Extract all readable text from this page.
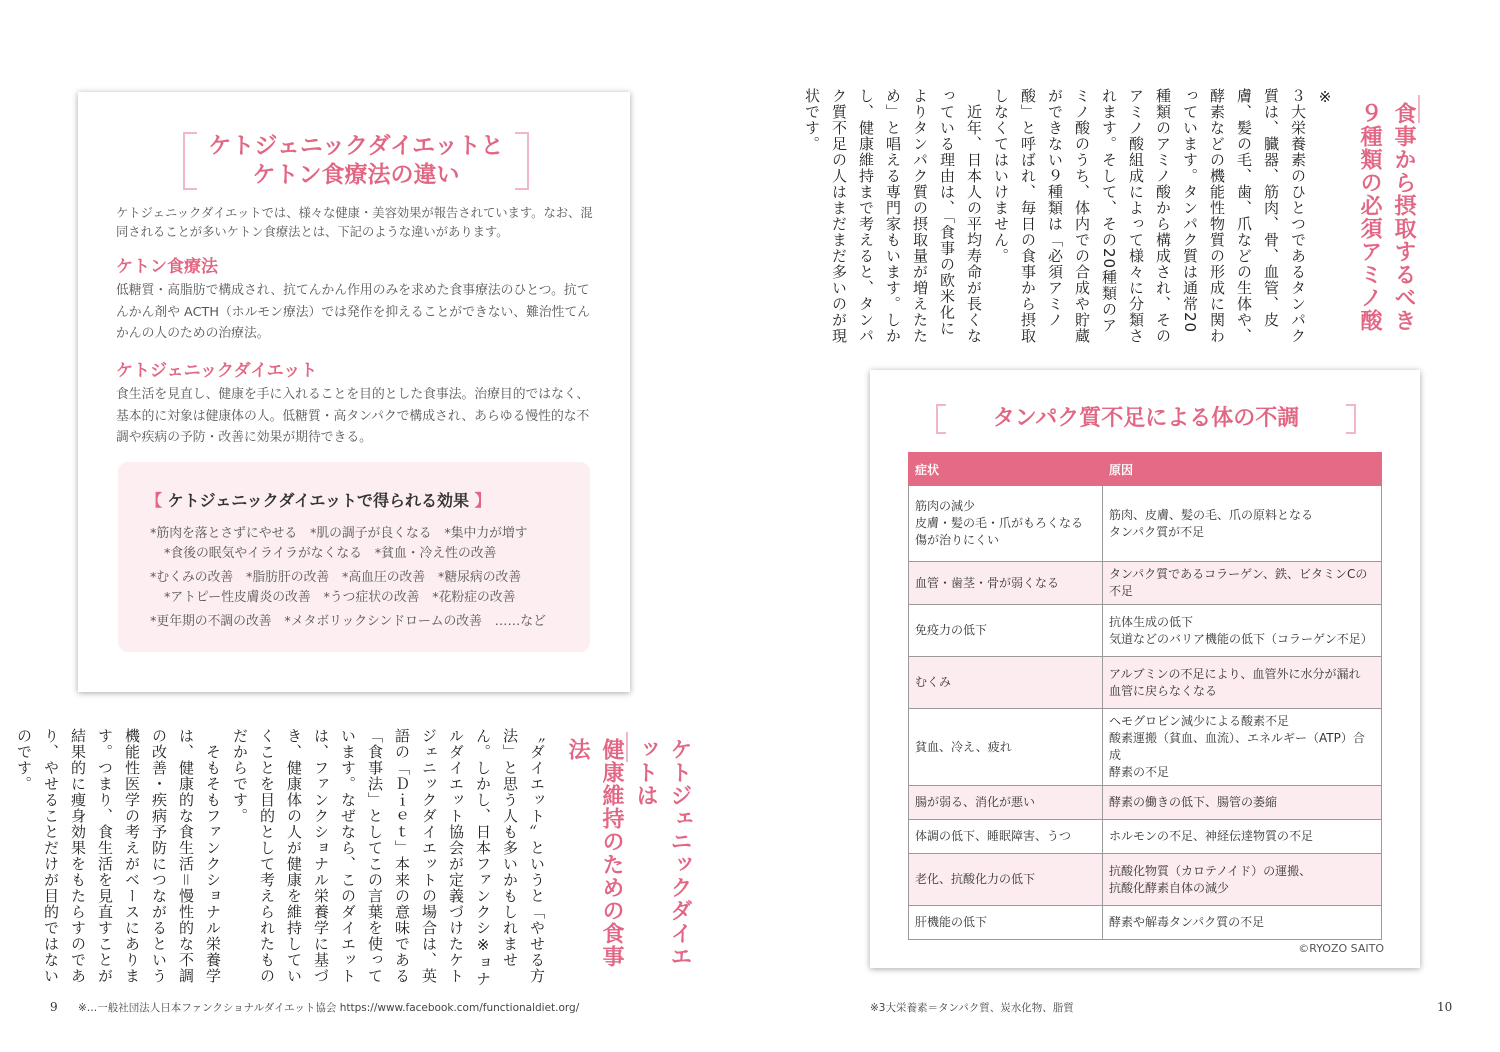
ケトジェニックダイエットと
ケトン食療法の違い

ケトジェニックダイエットでは、様々な健康・美容効果が報告されています。なお、混同されることが多いケトン食療法とは、下記のような違いがあります。

ケトン食療法

低糖質・高脂肪で構成され、抗てんかん作用のみを求めた食事療法のひとつ。抗てんかん剤や ACTH（ホルモン療法）では発作を抑えることができない、難治性てんかんの人のための治療法。

ケトジェニックダイエット

食生活を見直し、健康を手に入れることを目的とした食事法。治療目的ではなく、基本的に対象は健康体の人。低糖質・高タンパクで構成され、あらゆる慢性的な不調や疾病の予防・改善に効果が期待できる。

【 ケトジェニックダイエットで得られる効果 】
*筋肉を落とさずにやせる　*肌の調子が良くなる　*集中力が増す
*食後の眠気やイライラがなくなる　*貧血・冷え性の改善
*むくみの改善　*脂肪肝の改善　*高血圧の改善　*糖尿病の改善
*アトピー性皮膚炎の改善　*うつ症状の改善　*花粉症の改善
*更年期の不調の改善　*メタボリックシンドロームの改善　……など
ケトジェニックダイエットは
健康維持のための食事法
〝ダイエット〟というと「やせる方法」と思う人も多いかもしれません。しかし、日本ファンクシ※ョナルダイエット協会が定義づけたケトジェニックダイエットの場合は、英語の「Ｄｉｅｔ」本来の意味である「食事法」としてこの言葉を使っています。なぜなら、このダイエットは、ファンクショナル栄養学に基づき、健康体の人が健康を維持していくことを目的として考えられたものだからです。
　そもそもファンクショナル栄養学は、健康的な食生活＝慢性的な不調の改善・疾病予防につながるという機能性医学の考えがベースにあります。つまり、食生活を見直すことが結果的に痩身効果をもたらすのであり、やせることだけが目的ではないのです。
食事から摂取するべき
９種類の必須アミノ酸
※
３大栄養素のひとつであるタンパク質は、臓器、筋肉、骨、血管、皮膚、髪の毛、歯、爪などの生体や、酵素などの機能性物質の形成に関わっています。タンパク質は通常20種類のアミノ酸から構成され、そのアミノ酸組成によって様々に分類されます。そして、その20種類のアミノ酸のうち、体内での合成や貯蔵ができない９種類は「必須アミノ酸」と呼ばれ、毎日の食事から摂取しなくてはいけません。
　近年、日本人の平均寿命が長くなっている理由は、「食事の欧米化によりタンパク質の摂取量が増えたため」と唱える専門家もいます。しかし、健康維持まで考えると、タンパク質不足の人はまだまだ多いのが現状です。
タンパク質不足による体の不調
症状	原因
筋肉の減少
皮膚・髪の毛・爪がもろくなる
傷が治りにくい	筋肉、皮膚、髪の毛、爪の原料となる
タンパク質が不足
血管・歯茎・骨が弱くなる	タンパク質であるコラーゲン、鉄、ビタミンCの不足
免疫力の低下	抗体生成の低下
気道などのバリア機能の低下（コラーゲン不足）
むくみ	アルブミンの不足により、血管外に水分が漏れ
血管に戻らなくなる
貧血、冷え、疲れ	ヘモグロビン減少による酸素不足
酸素運搬（貧血、血流）、エネルギー（ATP）合成
酵素の不足
腸が弱る、消化が悪い	酵素の働きの低下、腸管の萎縮
体調の低下、睡眠障害、うつ	ホルモンの不足、神経伝達物質の不足
老化、抗酸化力の低下	抗酸化物質（カロテノイド）の運搬、
抗酸化酵素自体の減少
肝機能の低下	酵素や解毒タンパク質の不足
©RYOZO SAITO
9 ※…一般社団法人日本ファンクショナルダイエット協会 https://www.facebook.com/functionaldiet.org/	※3大栄養素＝タンパク質、炭水化物、脂質	10
